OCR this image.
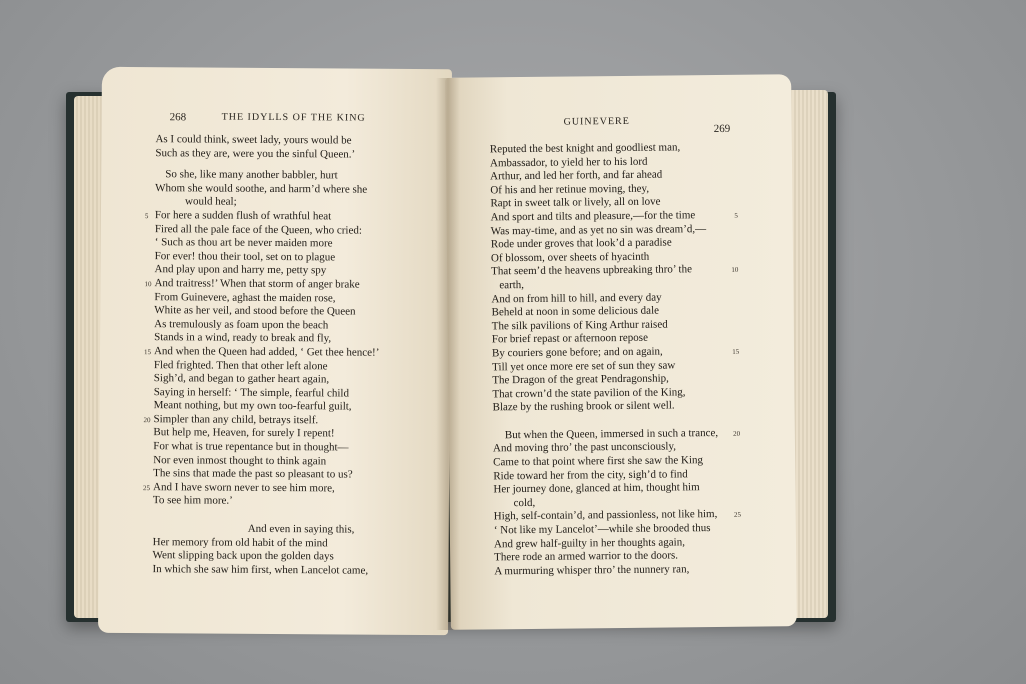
268	THE IDYLLS OF THE KING
As I could think, sweet lady, yours would be
Such as they are, were you the sinful Queen.’
So she, like many another babbler, hurt
Whom she would soothe, and harm’d where she
would heal;
For here a sudden flush of wrathful heat
5
Fired all the pale face of the Queen, who cried:
‘ Such as thou art be never maiden more
For ever! thou their tool, set on to plague
And play upon and harry me, petty spy
And traitress!’ When that storm of anger brake
10
From Guinevere, aghast the maiden rose,
White as her veil, and stood before the Queen
As tremulously as foam upon the beach
Stands in a wind, ready to break and fly,
And when the Queen had added, ‘ Get thee hence!’
15
Fled frighted. Then that other left alone
Sigh’d, and began to gather heart again,
Saying in herself: ‘ The simple, fearful child
Meant nothing, but my own too-fearful guilt,
Simpler than any child, betrays itself.
20
But help me, Heaven, for surely I repent!
For what is true repentance but in thought—
Nor even inmost thought to think again
The sins that made the past so pleasant to us?
And I have sworn never to see him more,
25
To see him more.’
And even in saying this,
Her memory from old habit of the mind
Went slipping back upon the golden days
In which she saw him first, when Lancelot came,
GUINEVERE
269
Reputed the best knight and goodliest man,
Ambassador, to yield her to his lord
Arthur, and led her forth, and far ahead
Of his and her retinue moving, they,
Rapt in sweet talk or lively, all on love
And sport and tilts and pleasure,—for the time	5
Was may-time, and as yet no sin was dream’d,—
Rode under groves that look’d a paradise
Of blossom, over sheets of hyacinth
That seem’d the heavens upbreaking thro’ the	10
earth,
And on from hill to hill, and every day
Beheld at noon in some delicious dale
The silk pavilions of King Arthur raised
For brief repast or afternoon repose
By couriers gone before; and on again,	15
Till yet once more ere set of sun they saw
The Dragon of the great Pendragonship,
That crown’d the state pavilion of the King,
Blaze by the rushing brook or silent well.
But when the Queen, immersed in such a trance, 20
And moving thro’ the past unconsciously,
Came to that point where first she saw the King
Ride toward her from the city, sigh’d to find
Her journey done, glanced at him, thought him
cold,
High, self-contain’d, and passionless, not like him, 25
‘ Not like my Lancelot’—while she brooded thus
And grew half-guilty in her thoughts again,
There rode an armed warrior to the doors.
A murmuring whisper thro’ the nunnery ran,
